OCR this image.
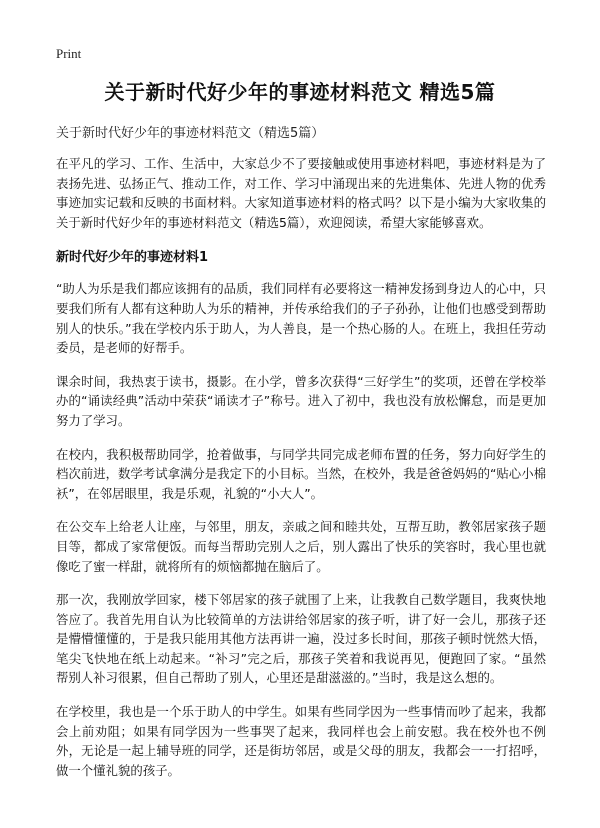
Print
关于新时代好少年的事迹材料范文 精选5篇
关于新时代好少年的事迹材料范文（精选5篇）

在平凡的学习、工作、生活中，大家总少不了要接触或使用事迹材料吧，事迹材料是为了表扬先进、弘扬正气、推动工作，对工作、学习中涌现出来的先进集体、先进人物的优秀事迹加实记载和反映的书面材料。大家知道事迹材料的格式吗？以下是小编为大家收集的关于新时代好少年的事迹材料范文（精选5篇），欢迎阅读，希望大家能够喜欢。

新时代好少年的事迹材料1

“助人为乐是我们都应该拥有的品质，我们同样有必要将这一精神发扬到身边人的心中，只要我们所有人都有这种助人为乐的精神，并传承给我们的子子孙孙，让他们也感受到帮助别人的快乐。”我在学校内乐于助人，为人善良，是一个热心肠的人。在班上，我担任劳动委员，是老师的好帮手。

课余时间，我热衷于读书，摄影。在小学，曾多次获得“三好学生”的奖项，还曾在学校举办的“诵读经典”活动中荣获“诵读才子”称号。进入了初中，我也没有放松懈怠，而是更加努力了学习。

在校内，我积极帮助同学，抢着做事，与同学共同完成老师布置的任务，努力向好学生的档次前进，数学考试拿满分是我定下的小目标。当然，在校外，我是爸爸妈妈的“贴心小棉袄”，在邻居眼里，我是乐观，礼貌的“小大人”。

在公交车上给老人让座，与邻里，朋友，亲戚之间和睦共处，互帮互助，教邻居家孩子题目等，都成了家常便饭。而每当帮助完别人之后，别人露出了快乐的笑容时，我心里也就像吃了蜜一样甜，就将所有的烦恼都抛在脑后了。

那一次，我刚放学回家，楼下邻居家的孩子就围了上来，让我教自己数学题目，我爽快地答应了。我首先用自认为比较简单的方法讲给邻居家的孩子听，讲了好一会儿，那孩子还是懵懵懂懂的，于是我只能用其他方法再讲一遍，没过多长时间，那孩子顿时恍然大悟，笔尖飞快地在纸上动起来。“补习”完之后，那孩子笑着和我说再见，便跑回了家。“虽然帮别人补习很累，但自己帮助了别人，心里还是甜滋滋的。”当时，我是这么想的。

在学校里，我也是一个乐于助人的中学生。如果有些同学因为一些事情而吵了起来，我都会上前劝阻；如果有同学因为一些事哭了起来，我同样也会上前安慰。我在校外也不例外，无论是一起上辅导班的同学，还是街坊邻居，或是父母的朋友，我都会一一打招呼，做一个懂礼貌的孩子。
